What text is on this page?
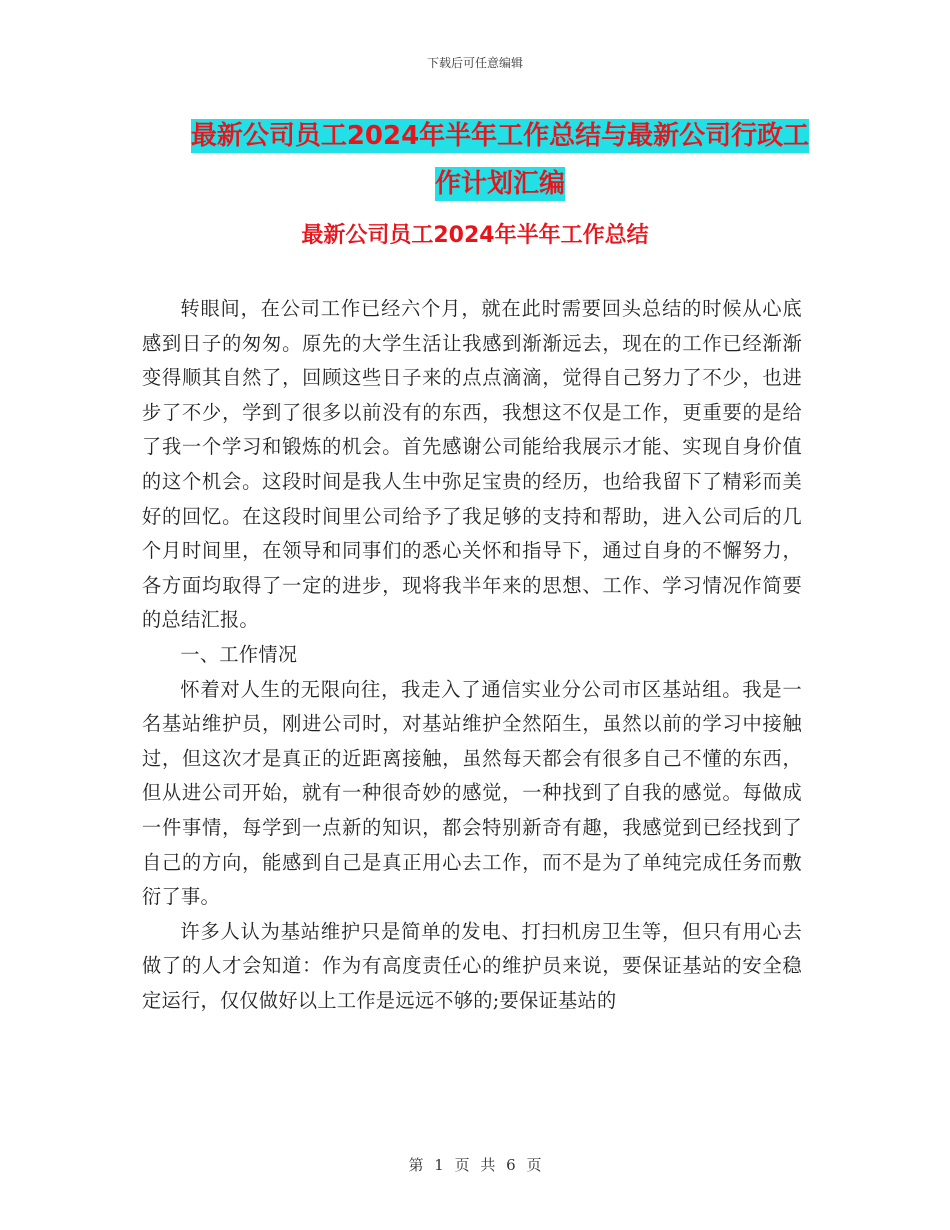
下载后可任意编辑
最新公司员工2024年半年工作总结与最新公司行政工
作计划汇编
最新公司员工2024年半年工作总结

转眼间，在公司工作已经六个月，就在此时需要回头总结的时候从心底感到日子的匆匆。原先的大学生活让我感到渐渐远去，现在的工作已经渐渐变得顺其自然了，回顾这些日子来的点点滴滴，觉得自己努力了不少，也进步了不少，学到了很多以前没有的东西，我想这不仅是工作，更重要的是给了我一个学习和锻炼的机会。首先感谢公司能给我展示才能、实现自身价值的这个机会。这段时间是我人生中弥足宝贵的经历，也给我留下了精彩而美好的回忆。在这段时间里公司给予了我足够的支持和帮助，进入公司后的几个月时间里，在领导和同事们的悉心关怀和指导下，通过自身的不懈努力，各方面均取得了一定的进步，现将我半年来的思想、工作、学习情况作简要的总结汇报。

一、工作情况

怀着对人生的无限向往，我走入了通信实业分公司市区基站组。我是一名基站维护员，刚进公司时，对基站维护全然陌生，虽然以前的学习中接触过，但这次才是真正的近距离接触，虽然每天都会有很多自己不懂的东西，但从进公司开始，就有一种很奇妙的感觉，一种找到了自我的感觉。每做成一件事情，每学到一点新的知识，都会特别新奇有趣，我感觉到已经找到了自己的方向，能感到自己是真正用心去工作，而不是为了单纯完成任务而敷衍了事。

许多人认为基站维护只是简单的发电、打扫机房卫生等，但只有用心去做了的人才会知道：作为有高度责任心的维护员来说，要保证基站的安全稳定运行，仅仅做好以上工作是远远不够的;要保证基站的

第 1 页 共 6 页
